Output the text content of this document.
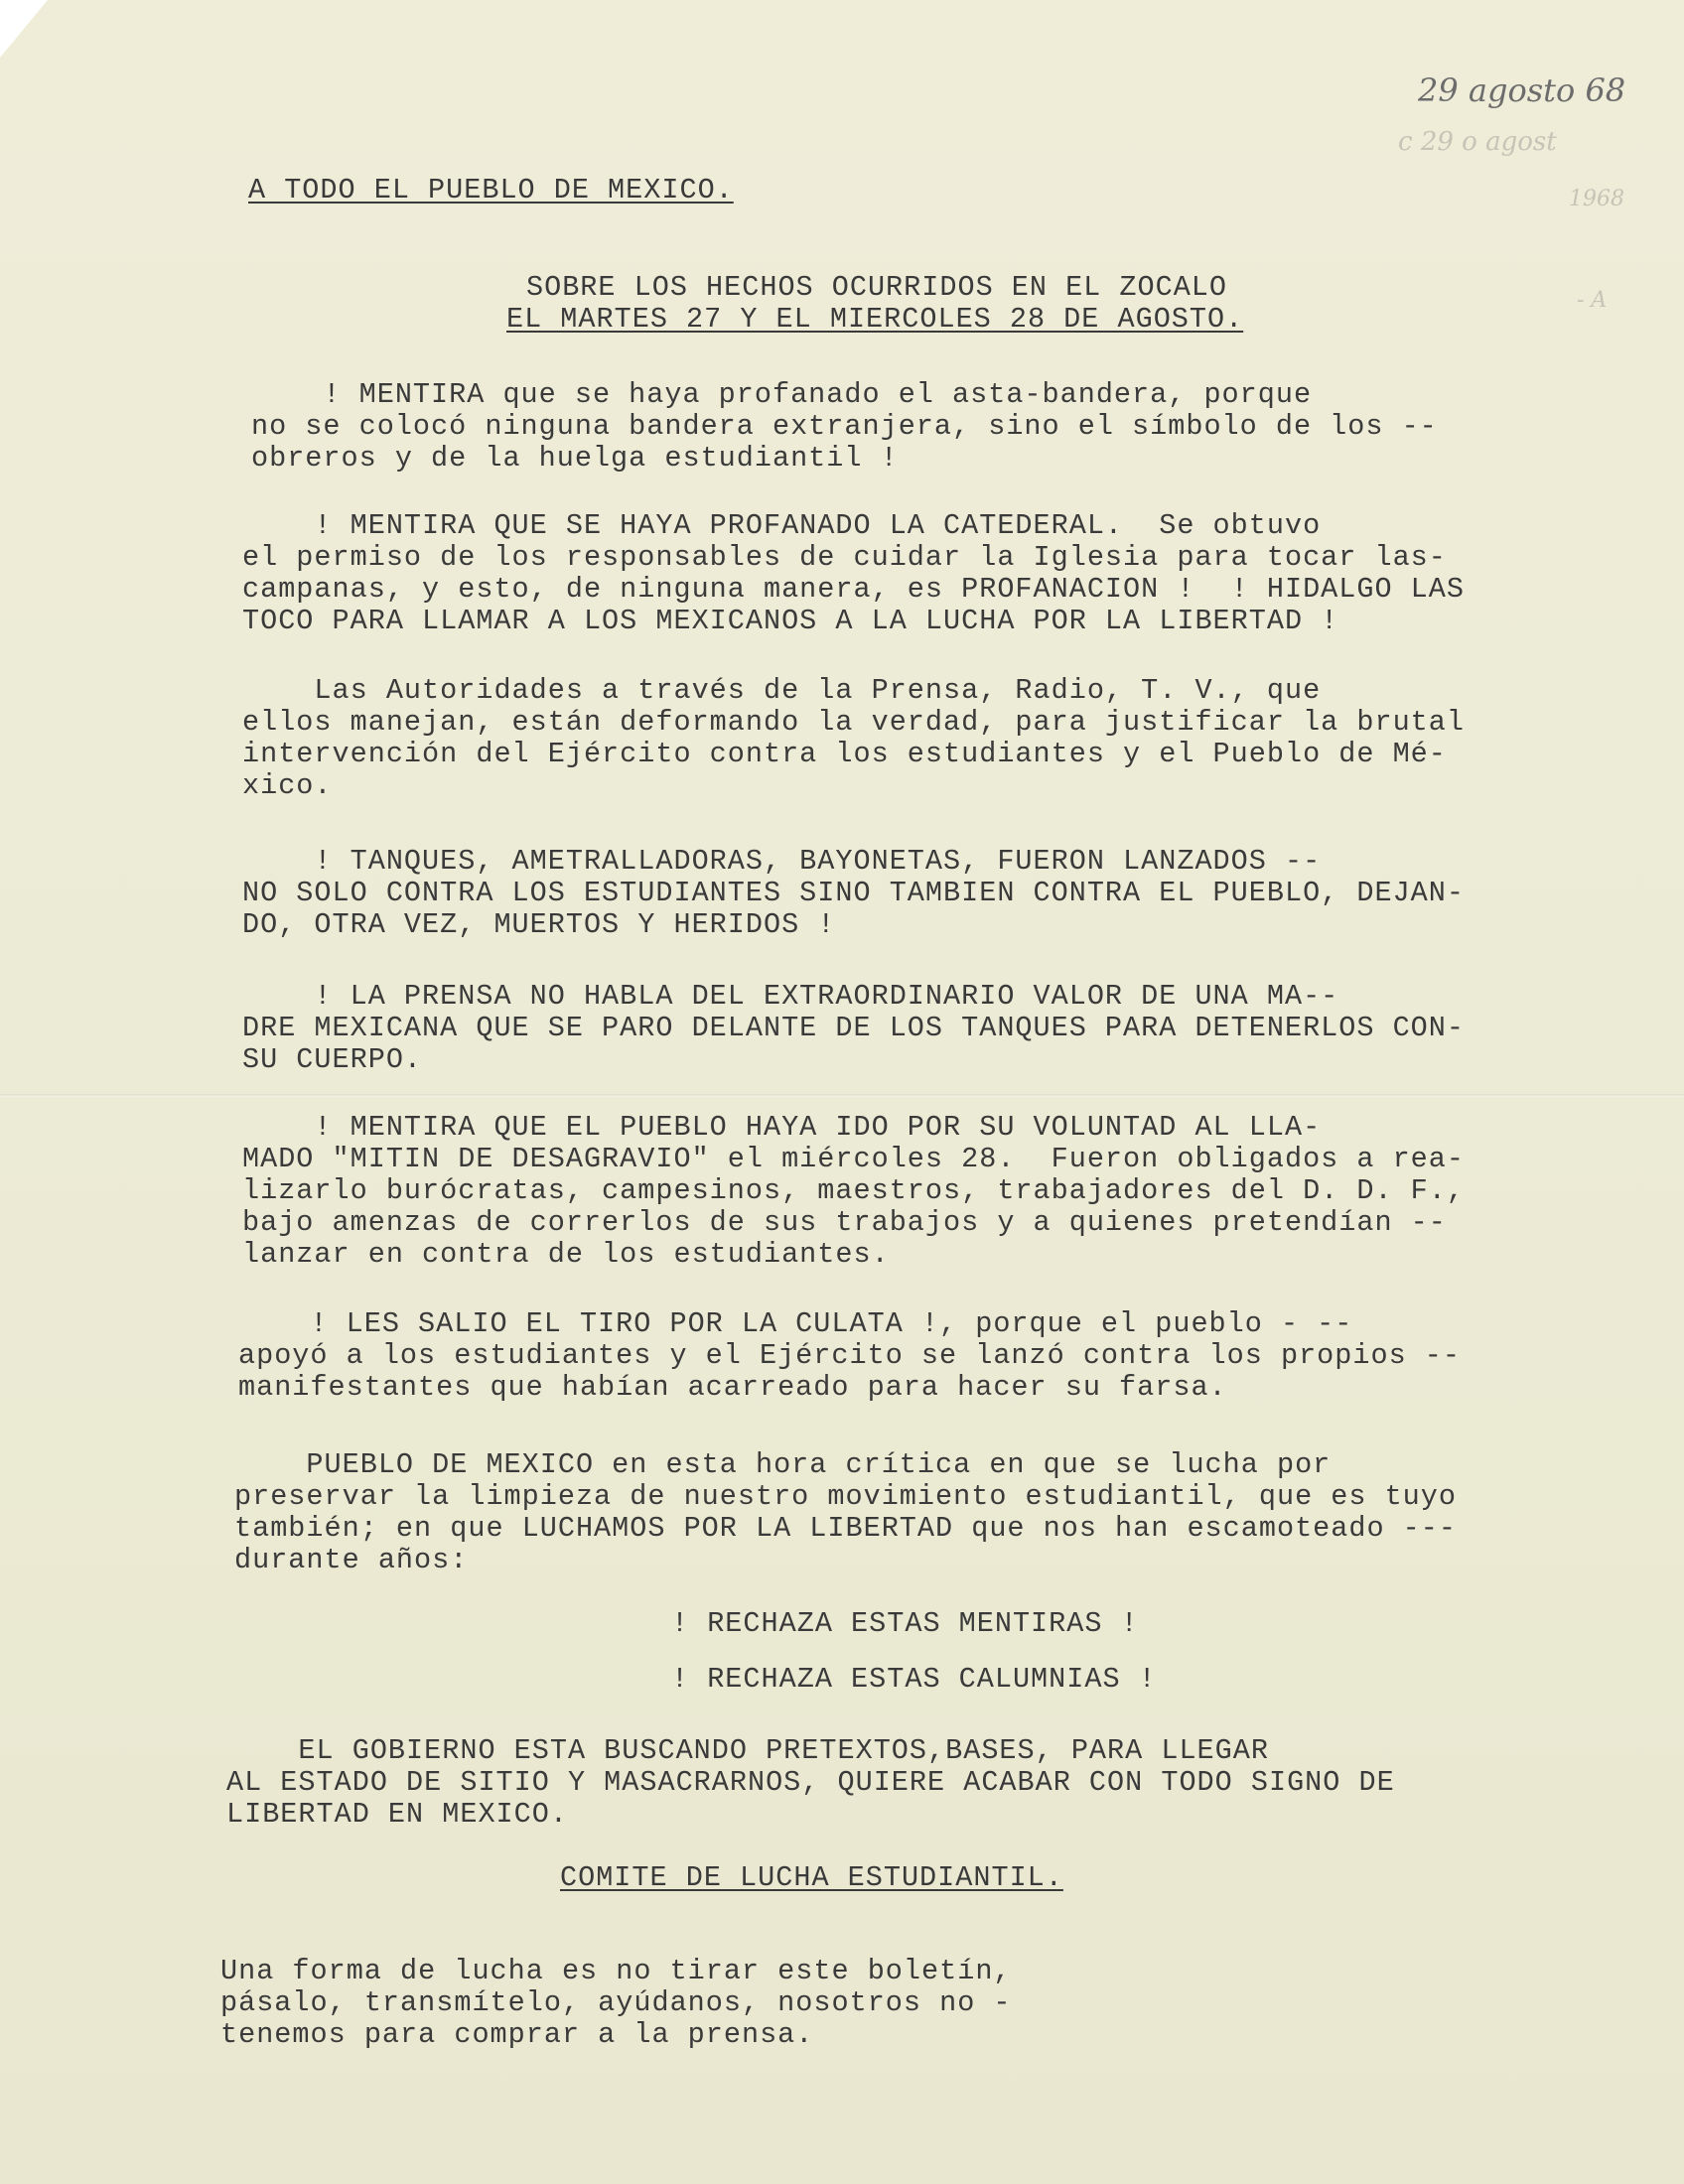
29 agosto 68
c 29 o agost
1968
- A
A TODO EL PUEBLO DE MEXICO.
SOBRE LOS HECHOS OCURRIDOS EN EL ZOCALO
EL MARTES 27 Y EL MIERCOLES 28 DE AGOSTO.
! MENTIRA que se haya profanado el asta-bandera, porque
no se colocó ninguna bandera extranjera, sino el símbolo de los --
obreros y de la huelga estudiantil !
! MENTIRA QUE SE HAYA PROFANADO LA CATEDERAL.  Se obtuvo
el permiso de los responsables de cuidar la Iglesia para tocar las-
campanas, y esto, de ninguna manera, es PROFANACION !  ! HIDALGO LAS
TOCO PARA LLAMAR A LOS MEXICANOS A LA LUCHA POR LA LIBERTAD !
Las Autoridades a través de la Prensa, Radio, T. V., que
ellos manejan, están deformando la verdad, para justificar la brutal
intervención del Ejército contra los estudiantes y el Pueblo de Mé-
xico.
! TANQUES, AMETRALLADORAS, BAYONETAS, FUERON LANZADOS --
NO SOLO CONTRA LOS ESTUDIANTES SINO TAMBIEN CONTRA EL PUEBLO, DEJAN-
DO, OTRA VEZ, MUERTOS Y HERIDOS !
! LA PRENSA NO HABLA DEL EXTRAORDINARIO VALOR DE UNA MA--
DRE MEXICANA QUE SE PARO DELANTE DE LOS TANQUES PARA DETENERLOS CON-
SU CUERPO.
! MENTIRA QUE EL PUEBLO HAYA IDO POR SU VOLUNTAD AL LLA-
MADO "MITIN DE DESAGRAVIO" el miércoles 28.  Fueron obligados a rea-
lizarlo burócratas, campesinos, maestros, trabajadores del D. D. F.,
bajo amenzas de correrlos de sus trabajos y a quienes pretendían --
lanzar en contra de los estudiantes.
! LES SALIO EL TIRO POR LA CULATA !, porque el pueblo - --
apoyó a los estudiantes y el Ejército se lanzó contra los propios --
manifestantes que habían acarreado para hacer su farsa.
PUEBLO DE MEXICO en esta hora crítica en que se lucha por
preservar la limpieza de nuestro movimiento estudiantil, que es tuyo
también; en que LUCHAMOS POR LA LIBERTAD que nos han escamoteado ---
durante años:
! RECHAZA ESTAS MENTIRAS !
! RECHAZA ESTAS CALUMNIAS !
EL GOBIERNO ESTA BUSCANDO PRETEXTOS,BASES, PARA LLEGAR
AL ESTADO DE SITIO Y MASACRARNOS, QUIERE ACABAR CON TODO SIGNO DE
LIBERTAD EN MEXICO.
COMITE DE LUCHA ESTUDIANTIL.
Una forma de lucha es no tirar este boletín,
pásalo, transmítelo, ayúdanos, nosotros no -
tenemos para comprar a la prensa.
